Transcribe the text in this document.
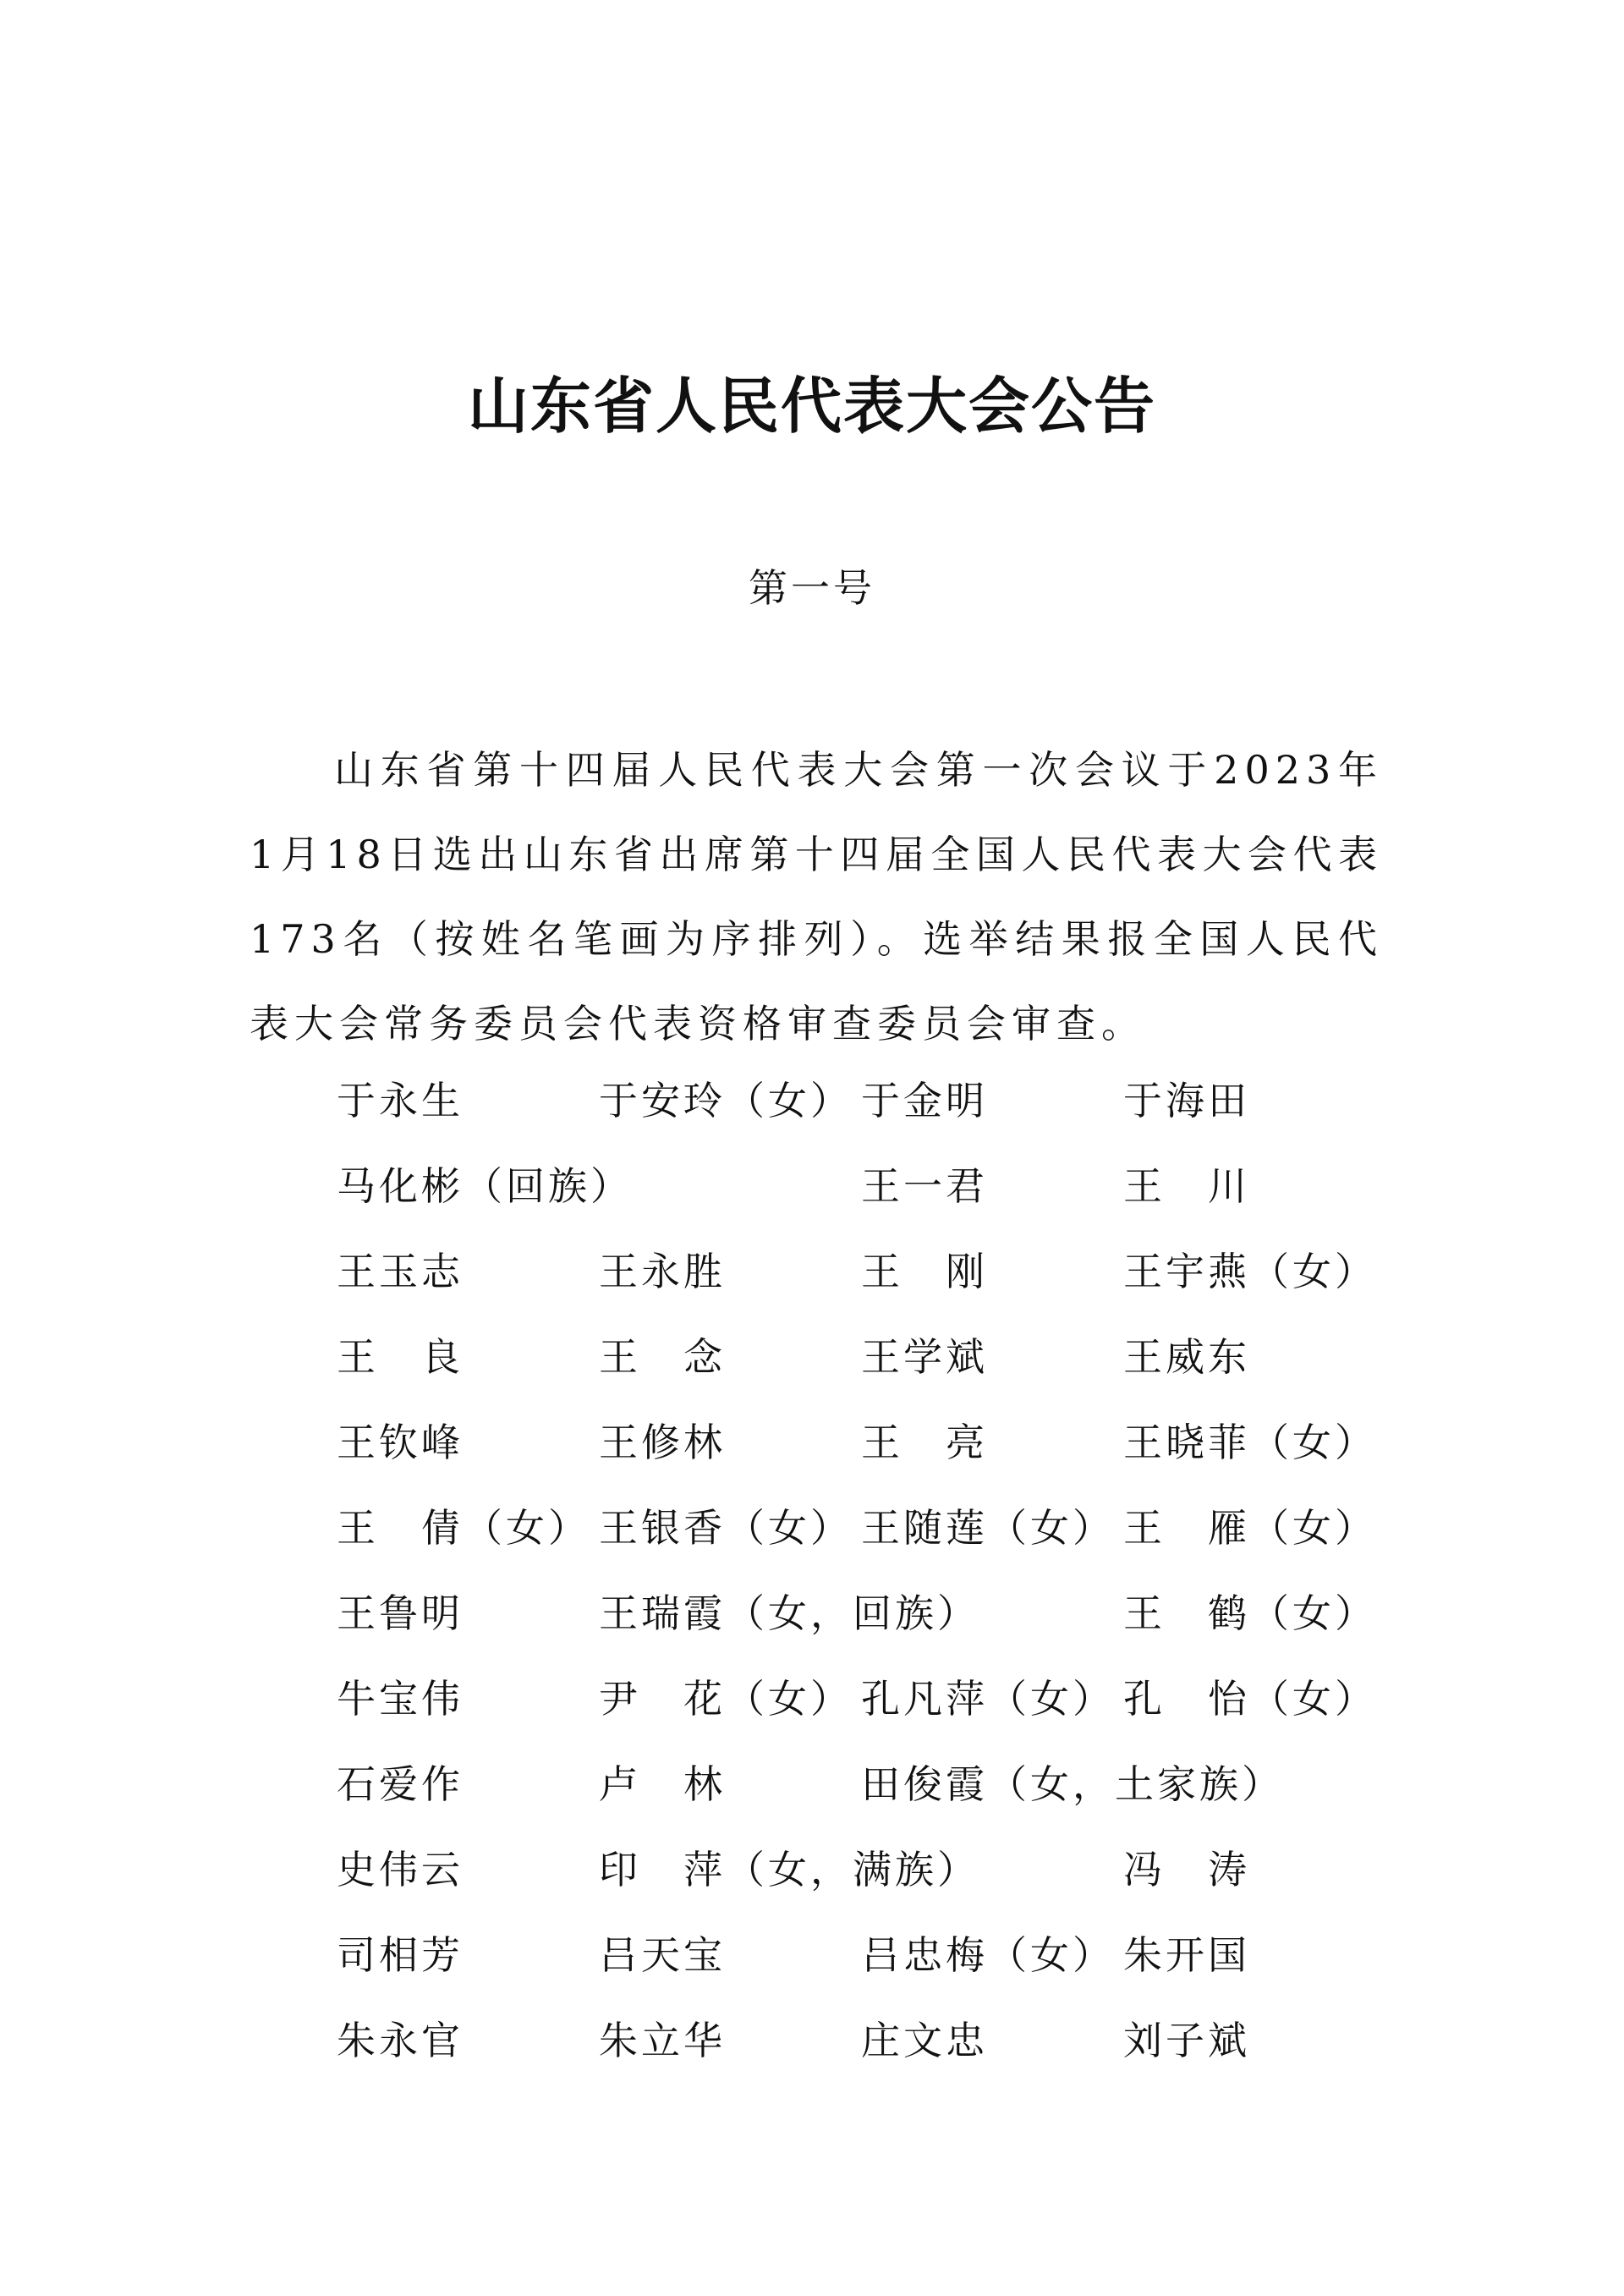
山东省人民代表大会公告
第一号

山东省第十四届人民代表大会第一次会议于2023年1月18日选出山东省出席第十四届全国人民代表大会代表173名（按姓名笔画为序排列）。选举结果报全国人民代表大会常务委员会代表资格审查委员会审查。

于永生	于安玲（女） 于金明	于海田
马化彬（回族）	王一君	王　川
王玉志	王永胜	王　刚	王宇燕（女）
王　良	王　念	王学斌	王威东
王钦峰	王修林	王　亮	王晓菲（女）
王　倩（女） 王银香（女） 王随莲（女） 王　雁（女）
王鲁明	王瑞霞（女，回族）	王　鹤（女）
牛宝伟	尹　花（女） 孔凡萍（女） 孔　怡（女）
石爱作	卢　林	田俊霞（女，土家族）
史伟云	印　萍（女，满族）	冯　涛
司相芳	吕天宝	吕忠梅（女） 朱开国
朱永官	朱立华	庄文忠	刘子斌
